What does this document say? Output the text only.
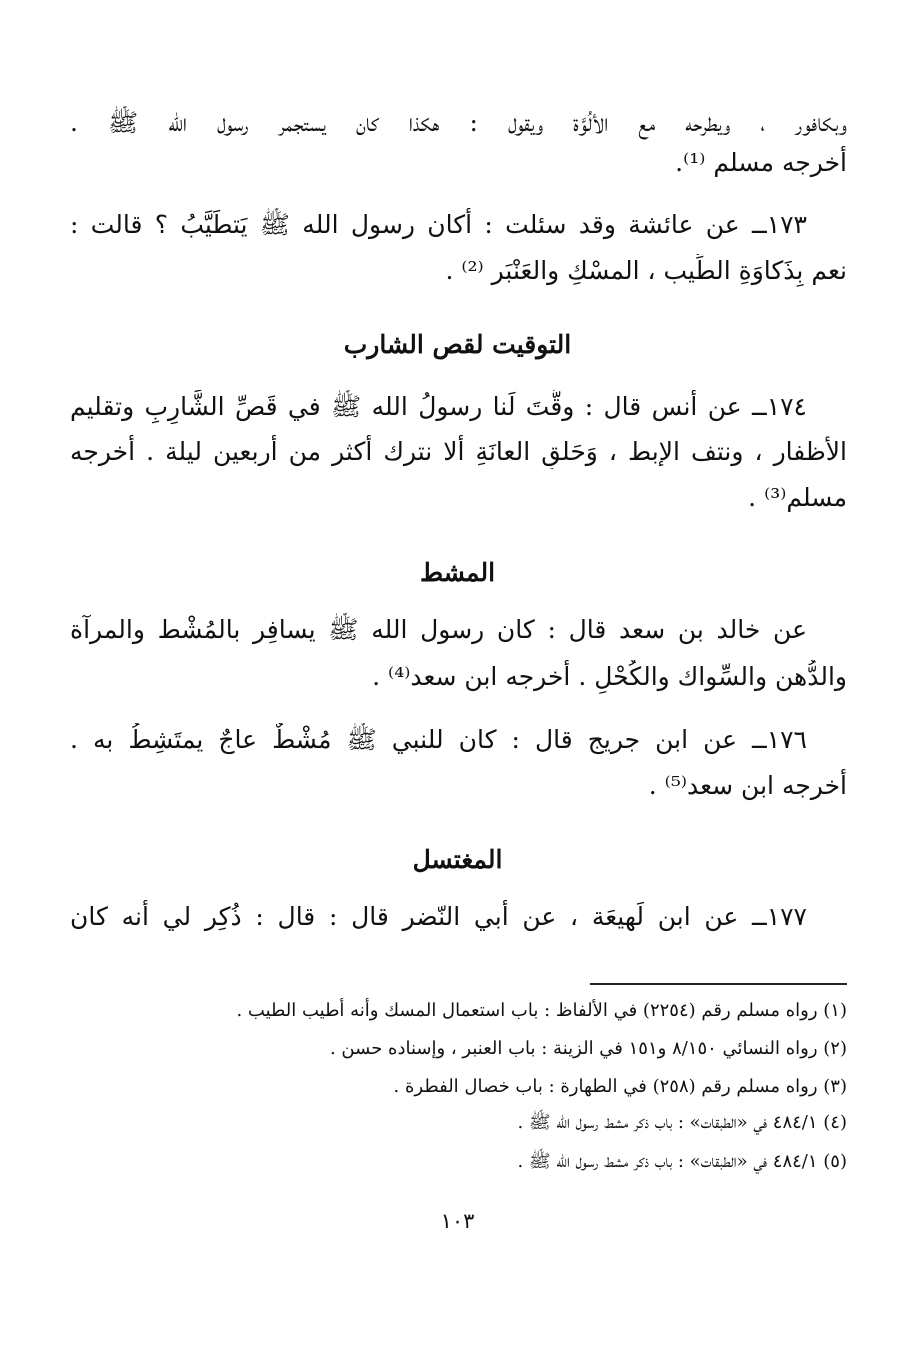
وبكافور ، ويطرحه مع الألُوَّة ويقول : هكذا كان يستجمر رسول الله ﷺ .
أخرجه مسلم ⁽¹⁾.
١٧٣ــ عن عائشة وقد سئلت : أكان رسول الله ﷺ يَتطَيَّبُ ؟ قالت :
نعم بِذَكاوَةِ الطِّيب ، المسْكِ والعَنْبَر ⁽²⁾ .
التوقيت لقص الشارب
١٧٤ــ عن أنس قال : وقَّتَ لَنا رسولُ الله ﷺ في قَصِّ الشَّارِبِ وتقليم
الأظفار ، ونتف الإبط ، وَحَلقِ العانَةِ ألا نترك أكثر من أربعين ليلة . أخرجه
مسلم⁽³⁾ .
المشط
عن خالد بن سعد قال : كان رسول الله ﷺ يسافِر بالمُشْط والمرآة
والدُّهن والسِّواك والكُحْلِ . أخرجه ابن سعد⁽⁴⁾ .
١٧٦ــ عن ابن جريج قال : كان للنبي ﷺ مُشْطٌ عاجٌ يمتَشِطُ به .
أخرجه ابن سعد⁽⁵⁾ .
المغتسل
١٧٧ــ عن ابن لَهيعَة ، عن أبي النّضر قال : قال : ذُكِر لي أنه كان
(١) رواه مسلم رقم (٢٢٥٤) في الألفاظ : باب استعمال المسك وأنه أطيب الطيب .
(٢) رواه النسائي ٨/١٥٠ و١٥١ في الزينة : باب العنبر ، وإسناده حسن .
(٣) رواه مسلم رقم (٢٥٨) في الطهارة : باب خصال الفطرة .
(٤) ٤٨٤/١ في «الطبقات» : باب ذكر مشط رسول الله ﷺ .
(٥) ٤٨٤/١ في «الطبقات» : باب ذكر مشط رسول الله ﷺ .
١٠٣
